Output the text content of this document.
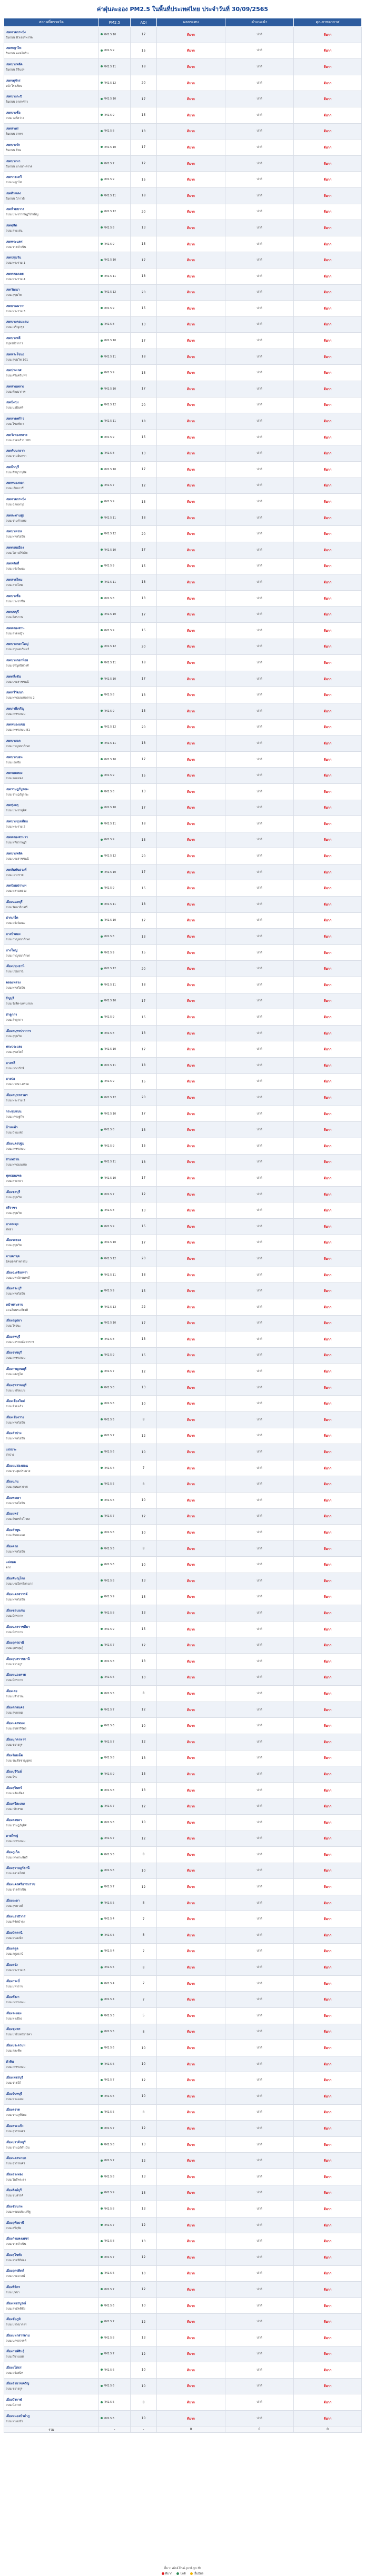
ค่าฝุ่นละออง PM2.5 ในพื้นที่ประเทศไทย ประจำวันที่ 30/09/2565
สถานที่ตรวจวัด	PM2.5	AQI	ผลกระทบ	คำแนะนำ	คุณภาพอากาศ

เขตลาดกระบัง
ริมถนน ฟิวเจอร์พาร์ค	PM2.5 10	17	ดีมาก	ปกติ	ดีมาก

เขตพญาไท
ริมถนน พหลโยธิน	PM2.5 9	15	ดีมาก	ปกติ	ดีมาก

เขตบางพลัด
ริมถนน สิรินธร	PM2.5 11	18	ดีมาก	ปกติ	ดีมาก

เขตจตุจักร
หน้าโรงเรียน	PM2.5 12	20	ดีมาก	ปกติ	ดีมาก

เขตบางกะปิ
ริมถนน ลาดพร้าว	PM2.5 10	17	ดีมาก	ปกติ	ดีมาก

เขตบางซื่อ
ถนน วงศ์สว่าง	PM2.5 9	15	ดีมาก	ปกติ	ดีมาก

เขตสาทร
ริมถนน สาทร	PM2.5 8	13	ดีมาก	ปกติ	ดีมาก

เขตบางรัก
ริมถนน สีลม	PM2.5 10	17	ดีมาก	ปกติ	ดีมาก

เขตบางนา
ริมถนน บางนา-ตราด	PM2.5 7	12	ดีมาก	ปกติ	ดีมาก

เขตราชเทวี
ถนน พญาไท	PM2.5 9	15	ดีมาก	ปกติ	ดีมาก

เขตดินแดง
ริมถนน วิภาวดี	PM2.5 11	18	ดีมาก	ปกติ	ดีมาก

เขตห้วยขวาง
ถนน ประชาราษฎร์บำเพ็ญ	PM2.5 12	20	ดีมาก	ปกติ	ดีมาก

เขตดุสิต
ถนน สามเสน	PM2.5 8	13	ดีมาก	ปกติ	ดีมาก

เขตพระนคร
ถนน ราชดำเนิน	PM2.5 9	15	ดีมาก	ปกติ	ดีมาก

เขตปทุมวัน
ถนน พระราม 1	PM2.5 10	17	ดีมาก	ปกติ	ดีมาก

เขตคลองเตย
ถนน พระราม 4	PM2.5 11	18	ดีมาก	ปกติ	ดีมาก

เขตวัฒนา
ถนน สุขุมวิท	PM2.5 12	20	ดีมาก	ปกติ	ดีมาก

เขตยานนาวา
ถนน พระราม 3	PM2.5 9	15	ดีมาก	ปกติ	ดีมาก

เขตบางคอแหลม
ถนน เจริญกรุง	PM2.5 8	13	ดีมาก	ปกติ	ดีมาก

เขตบางพลี
สมุทรปราการ	PM2.5 10	17	ดีมาก	ปกติ	ดีมาก

เขตพระโขนง
ถนน สุขุมวิท 101	PM2.5 11	18	ดีมาก	ปกติ	ดีมาก

เขตประเวศ
ถนน ศรีนครินทร์	PM2.5 9	15	ดีมาก	ปกติ	ดีมาก

เขตสวนหลวง
ถนน พัฒนาการ	PM2.5 10	17	ดีมาก	ปกติ	ดีมาก

เขตบึงกุ่ม
ถนน นวมินทร์	PM2.5 12	20	ดีมาก	ปกติ	ดีมาก

เขตลาดพร้าว
ถนน โชคชัย 4	PM2.5 11	18	ดีมาก	ปกติ	ดีมาก

เขตวังทองหลาง
ถนน ลาดพร้าว 101	PM2.5 9	15	ดีมาก	ปกติ	ดีมาก

เขตคันนายาว
ถนน รามอินทรา	PM2.5 8	13	ดีมาก	ปกติ	ดีมาก

เขตมีนบุรี
ถนน สีหบุรานุกิจ	PM2.5 10	17	ดีมาก	ปกติ	ดีมาก

เขตหนองจอก
ถนน เลียบวารี	PM2.5 7	12	ดีมาก	ปกติ	ดีมาก

เขตลาดกระบัง
ถนน ฉลองกรุง	PM2.5 9	15	ดีมาก	ปกติ	ดีมาก

เขตสะพานสูง
ถนน รามคำแหง	PM2.5 11	18	ดีมาก	ปกติ	ดีมาก

เขตบางเขน
ถนน พหลโยธิน	PM2.5 12	20	ดีมาก	ปกติ	ดีมาก

เขตดอนเมือง
ถนน วิภาวดีรังสิต	PM2.5 10	17	ดีมาก	ปกติ	ดีมาก

เขตหลักสี่
ถนน แจ้งวัฒนะ	PM2.5 9	15	ดีมาก	ปกติ	ดีมาก

เขตสายไหม
ถนน สายไหม	PM2.5 11	18	ดีมาก	ปกติ	ดีมาก

เขตบางซื่อ
ถนน ประชาชื่น	PM2.5 8	13	ดีมาก	ปกติ	ดีมาก

เขตธนบุรี
ถนน อิสรภาพ	PM2.5 10	17	ดีมาก	ปกติ	ดีมาก

เขตคลองสาน
ถนน ลาดหญ้า	PM2.5 9	15	ดีมาก	ปกติ	ดีมาก

เขตบางกอกใหญ่
ถนน อรุณอมรินทร์	PM2.5 12	20	ดีมาก	ปกติ	ดีมาก

เขตบางกอกน้อย
ถนน จรัญสนิทวงศ์	PM2.5 11	18	ดีมาก	ปกติ	ดีมาก

เขตตลิ่งชัน
ถนน บรมราชชนนี	PM2.5 10	17	ดีมาก	ปกติ	ดีมาก

เขตทวีวัฒนา
ถนน พุทธมณฑลสาย 2	PM2.5 8	13	ดีมาก	ปกติ	ดีมาก

เขตภาษีเจริญ
ถนน เพชรเกษม	PM2.5 9	15	ดีมาก	ปกติ	ดีมาก

เขตหนองแขม
ถนน เพชรเกษม 81	PM2.5 12	20	ดีมาก	ปกติ	ดีมาก

เขตบางแค
ถนน กาญจนาภิเษก	PM2.5 11	18	ดีมาก	ปกติ	ดีมาก

เขตบางบอน
ถนน เอกชัย	PM2.5 10	17	ดีมาก	ปกติ	ดีมาก

เขตจอมทอง
ถนน จอมทอง	PM2.5 9	15	ดีมาก	ปกติ	ดีมาก

เขตราษฎร์บูรณะ
ถนน ราษฎร์บูรณะ	PM2.5 8	13	ดีมาก	ปกติ	ดีมาก

เขตทุ่งครุ
ถนน ประชาอุทิศ	PM2.5 10	17	ดีมาก	ปกติ	ดีมาก

เขตบางขุนเทียน
ถนน พระราม 2	PM2.5 11	18	ดีมาก	ปกติ	ดีมาก

เขตคลองสามวา
ถนน หทัยราษฎร์	PM2.5 9	15	ดีมาก	ปกติ	ดีมาก

เขตบางพลัด
ถนน บรมราชชนนี	PM2.5 12	20	ดีมาก	ปกติ	ดีมาก

เขตสัมพันธวงศ์
ถนน เยาวราช	PM2.5 10	17	ดีมาก	ปกติ	ดีมาก

เขตป้อมปราบฯ
ถนน หลานหลวง	PM2.5 9	15	ดีมาก	ปกติ	ดีมาก

เมืองนนทบุรี
ถนน รัตนาธิเบศร์	PM2.5 11	18	ดีมาก	ปกติ	ดีมาก

ปากเกร็ด
ถนน แจ้งวัฒนะ	PM2.5 10	17	ดีมาก	ปกติ	ดีมาก

บางบัวทอง
ถนน กาญจนาภิเษก	PM2.5 8	13	ดีมาก	ปกติ	ดีมาก

บางใหญ่
ถนน กาญจนาภิเษก	PM2.5 9	15	ดีมาก	ปกติ	ดีมาก

เมืองปทุมธานี
ถนน ปทุมธานี	PM2.5 12	20	ดีมาก	ปกติ	ดีมาก

คลองหลวง
ถนน พหลโยธิน	PM2.5 11	18	ดีมาก	ปกติ	ดีมาก

ธัญบุรี
ถนน รังสิต-นครนายก	PM2.5 10	17	ดีมาก	ปกติ	ดีมาก

ลำลูกกา
ถนน ลำลูกกา	PM2.5 9	15	ดีมาก	ปกติ	ดีมาก

เมืองสมุทรปราการ
ถนน สุขุมวิท	PM2.5 8	13	ดีมาก	ปกติ	ดีมาก

พระประแดง
ถนน สุขสวัสดิ์	PM2.5 10	17	ดีมาก	ปกติ	ดีมาก

บางพลี
ถนน เทพารักษ์	PM2.5 11	18	ดีมาก	ปกติ	ดีมาก

บางบ่อ
ถนน บางนา-ตราด	PM2.5 9	15	ดีมาก	ปกติ	ดีมาก

เมืองสมุทรสาคร
ถนน พระราม 2	PM2.5 12	20	ดีมาก	ปกติ	ดีมาก

กระทุ่มแบน
ถนน เศรษฐกิจ	PM2.5 10	17	ดีมาก	ปกติ	ดีมาก

บ้านแพ้ว
ถนน บ้านแพ้ว	PM2.5 8	13	ดีมาก	ปกติ	ดีมาก

เมืองนครปฐม
ถนน เพชรเกษม	PM2.5 9	15	ดีมาก	ปกติ	ดีมาก

สามพราน
ถนน พุทธมณฑล	PM2.5 11	18	ดีมาก	ปกติ	ดีมาก

พุทธมณฑล
ถนน ศาลายา	PM2.5 10	17	ดีมาก	ปกติ	ดีมาก

เมืองชลบุรี
ถนน สุขุมวิท	PM2.5 7	12	ดีมาก	ปกติ	ดีมาก

ศรีราชา
ถนน สุขุมวิท	PM2.5 8	13	ดีมาก	ปกติ	ดีมาก

บางละมุง
พัทยา	PM2.5 9	15	ดีมาก	ปกติ	ดีมาก

เมืองระยอง
ถนน สุขุมวิท	PM2.5 10	17	ดีมาก	ปกติ	ดีมาก

มาบตาพุด
นิคมอุตสาหกรรม	PM2.5 12	20	ดีมาก	ปกติ	ดีมาก

เมืองฉะเชิงเทรา
ถนน มหาจักรพรรดิ์	PM2.5 11	18	ดีมาก	ปกติ	ดีมาก

เมืองสระบุรี
ถนน พหลโยธิน	PM2.5 9	15	ดีมาก	ปกติ	ดีมาก

หน้าพระลาน
อ.เฉลิมพระเกียรติ	PM2.5 13	22	ดีมาก	ปกติ	ดีมาก

เมืองอยุธยา
ถนน โรจนะ	PM2.5 10	17	ดีมาก	ปกติ	ดีมาก

เมืองลพบุรี
ถนน นารายณ์มหาราช	PM2.5 8	13	ดีมาก	ปกติ	ดีมาก

เมืองราชบุรี
ถนน เพชรเกษม	PM2.5 9	15	ดีมาก	ปกติ	ดีมาก

เมืองกาญจนบุรี
ถนน แสงชูโต	PM2.5 7	12	ดีมาก	ปกติ	ดีมาก

เมืองสุพรรณบุรี
ถนน มาลัยแมน	PM2.5 8	13	ดีมาก	ปกติ	ดีมาก

เมืองเชียงใหม่
ถนน ห้วยแก้ว	PM2.5 6	10	ดีมาก	ปกติ	ดีมาก

เมืองเชียงราย
ถนน พหลโยธิน	PM2.5 5	8	ดีมาก	ปกติ	ดีมาก

เมืองลำปาง
ถนน พหลโยธิน	PM2.5 7	12	ดีมาก	ปกติ	ดีมาก

แม่เมาะ
ลำปาง	PM2.5 6	10	ดีมาก	ปกติ	ดีมาก

เมืองแม่ฮ่องสอน
ถนน ขุนลุมประพาส	PM2.5 4	7	ดีมาก	ปกติ	ดีมาก

เมืองน่าน
ถนน สุมนเทวราช	PM2.5 5	8	ดีมาก	ปกติ	ดีมาก

เมืองพะเยา
ถนน พหลโยธิน	PM2.5 6	10	ดีมาก	ปกติ	ดีมาก

เมืองแพร่
ถนน ยันตรกิจโกศล	PM2.5 7	12	ดีมาก	ปกติ	ดีมาก

เมืองลำพูน
ถนน อินทยงยศ	PM2.5 6	10	ดีมาก	ปกติ	ดีมาก

เมืองตาก
ถนน พหลโยธิน	PM2.5 5	8	ดีมาก	ปกติ	ดีมาก

แม่สอด
ตาก	PM2.5 6	10	ดีมาก	ปกติ	ดีมาก

เมืองพิษณุโลก
ถนน บรมไตรโลกนาถ	PM2.5 8	13	ดีมาก	ปกติ	ดีมาก

เมืองนครสวรรค์
ถนน พหลโยธิน	PM2.5 9	15	ดีมาก	ปกติ	ดีมาก

เมืองขอนแก่น
ถนน มิตรภาพ	PM2.5 8	13	ดีมาก	ปกติ	ดีมาก

เมืองนครราชสีมา
ถนน มิตรภาพ	PM2.5 9	15	ดีมาก	ปกติ	ดีมาก

เมืองอุดรธานี
ถนน อุดรดุษฎี	PM2.5 7	12	ดีมาก	ปกติ	ดีมาก

เมืองอุบลราชธานี
ถนน ชยางกูร	PM2.5 8	13	ดีมาก	ปกติ	ดีมาก

เมืองหนองคาย
ถนน มิตรภาพ	PM2.5 6	10	ดีมาก	ปกติ	ดีมาก

เมืองเลย
ถนน มลิวรรณ	PM2.5 5	8	ดีมาก	ปกติ	ดีมาก

เมืองสกลนคร
ถนน สุขเกษม	PM2.5 7	12	ดีมาก	ปกติ	ดีมาก

เมืองนครพนม
ถนน สุนทรวิจิตร	PM2.5 6	10	ดีมาก	ปกติ	ดีมาก

เมืองมุกดาหาร
ถนน ชยางกูร	PM2.5 7	12	ดีมาก	ปกติ	ดีมาก

เมืองร้อยเอ็ด
ถนน รณชัยชาญยุทธ	PM2.5 8	13	ดีมาก	ปกติ	ดีมาก

เมืองบุรีรัมย์
ถนน จิระ	PM2.5 9	15	ดีมาก	ปกติ	ดีมาก

เมืองสุรินทร์
ถนน หลักเมือง	PM2.5 8	13	ดีมาก	ปกติ	ดีมาก

เมืองศรีสะเกษ
ถนน กสิกรรม	PM2.5 7	12	ดีมาก	ปกติ	ดีมาก

เมืองสงขลา
ถนน ราษฎร์อุทิศ	PM2.5 6	10	ดีมาก	ปกติ	ดีมาก

หาดใหญ่
ถนน เพชรเกษม	PM2.5 7	12	ดีมาก	ปกติ	ดีมาก

เมืองภูเก็ต
ถนน เทพกระษัตรี	PM2.5 5	8	ดีมาก	ปกติ	ดีมาก

เมืองสุราษฎร์ธานี
ถนน ตลาดใหม่	PM2.5 6	10	ดีมาก	ปกติ	ดีมาก

เมืองนครศรีธรรมราช
ถนน ราชดำเนิน	PM2.5 7	12	ดีมาก	ปกติ	ดีมาก

เมืองยะลา
ถนน สุขยางค์	PM2.5 5	8	ดีมาก	ปกติ	ดีมาก

เมืองนราธิวาส
ถนน พิชิตบำรุง	PM2.5 4	7	ดีมาก	ปกติ	ดีมาก

เมืองปัตตานี
ถนน หนองจิก	PM2.5 5	8	ดีมาก	ปกติ	ดีมาก

เมืองสตูล
ถนน สตูลธานี	PM2.5 4	7	ดีมาก	ปกติ	ดีมาก

เมืองตรัง
ถนน พระราม 6	PM2.5 5	8	ดีมาก	ปกติ	ดีมาก

เมืองกระบี่
ถนน มหาราช	PM2.5 4	7	ดีมาก	ปกติ	ดีมาก

เมืองพังงา
ถนน เพชรเกษม	PM2.5 4	7	ดีมาก	ปกติ	ดีมาก

เมืองระนอง
ถนน ท่าเมือง	PM2.5 3	5	ดีมาก	ปกติ	ดีมาก

เมืองชุมพร
ถนน ปรมินทรมรรคา	PM2.5 5	8	ดีมาก	ปกติ	ดีมาก

เมืองประจวบฯ
ถนน สละชีพ	PM2.5 6	10	ดีมาก	ปกติ	ดีมาก

หัวหิน
ถนน เพชรเกษม	PM2.5 6	10	ดีมาก	ปกติ	ดีมาก

เมืองเพชรบุรี
ถนน ราชวิถี	PM2.5 7	12	ดีมาก	ปกติ	ดีมาก

เมืองจันทบุรี
ถนน ท่าแฉลบ	PM2.5 6	10	ดีมาก	ปกติ	ดีมาก

เมืองตราด
ถนน ราษฎร์นิยม	PM2.5 5	8	ดีมาก	ปกติ	ดีมาก

เมืองสระแก้ว
ถนน สุวรรณศร	PM2.5 7	12	ดีมาก	ปกติ	ดีมาก

เมืองปราจีนบุรี
ถนน ราษฎร์ดำเนิน	PM2.5 8	13	ดีมาก	ปกติ	ดีมาก

เมืองนครนายก
ถนน สุวรรณศร	PM2.5 7	12	ดีมาก	ปกติ	ดีมาก

เมืองอ่างทอง
ถนน โพธิ์พระยา	PM2.5 8	13	ดีมาก	ปกติ	ดีมาก

เมืองสิงห์บุรี
ถนน ขุนสรรค์	PM2.5 9	15	ดีมาก	ปกติ	ดีมาก

เมืองชัยนาท
ถนน พรหมประเสริฐ	PM2.5 8	13	ดีมาก	ปกติ	ดีมาก

เมืองอุทัยธานี
ถนน ศรีอุทัย	PM2.5 7	12	ดีมาก	ปกติ	ดีมาก

เมืองกำแพงเพชร
ถนน ราชดำเนิน	PM2.5 8	13	ดีมาก	ปกติ	ดีมาก

เมืองสุโขทัย
ถนน จรดวิถีถ่อง	PM2.5 7	12	ดีมาก	ปกติ	ดีมาก

เมืองอุตรดิตถ์
ถนน บรมอาสน์	PM2.5 6	10	ดีมาก	ปกติ	ดีมาก

เมืองพิจิตร
ถนน บุษบา	PM2.5 7	12	ดีมาก	ปกติ	ดีมาก

เมืองเพชรบูรณ์
ถนน สามัคคีชัย	PM2.5 6	10	ดีมาก	ปกติ	ดีมาก

เมืองชัยภูมิ
ถนน บรรณาการ	PM2.5 7	12	ดีมาก	ปกติ	ดีมาก

เมืองมหาสารคาม
ถนน นครสวรรค์	PM2.5 8	13	ดีมาก	ปกติ	ดีมาก

เมืองกาฬสินธุ์
ถนน ถีนานนท์	PM2.5 7	12	ดีมาก	ปกติ	ดีมาก

เมืองยโสธร
ถนน แจ้งสนิท	PM2.5 6	10	ดีมาก	ปกติ	ดีมาก

เมืองอำนาจเจริญ
ถนน ชยางกูร	PM2.5 6	10	ดีมาก	ปกติ	ดีมาก

เมืองบึงกาฬ
ถนน บึงกาฬ	PM2.5 5	8	ดีมาก	ปกติ	ดีมาก

เมืองหนองบัวลำภู
ถนน หนองบัว	PM2.5 6	10	ดีมาก	ปกติ	ดีมาก
รวม	-	-	0	0	0
ที่มา: Air4Thai.pcd.go.th
ดีมาก	ปกติ	เริ่มมีผล
